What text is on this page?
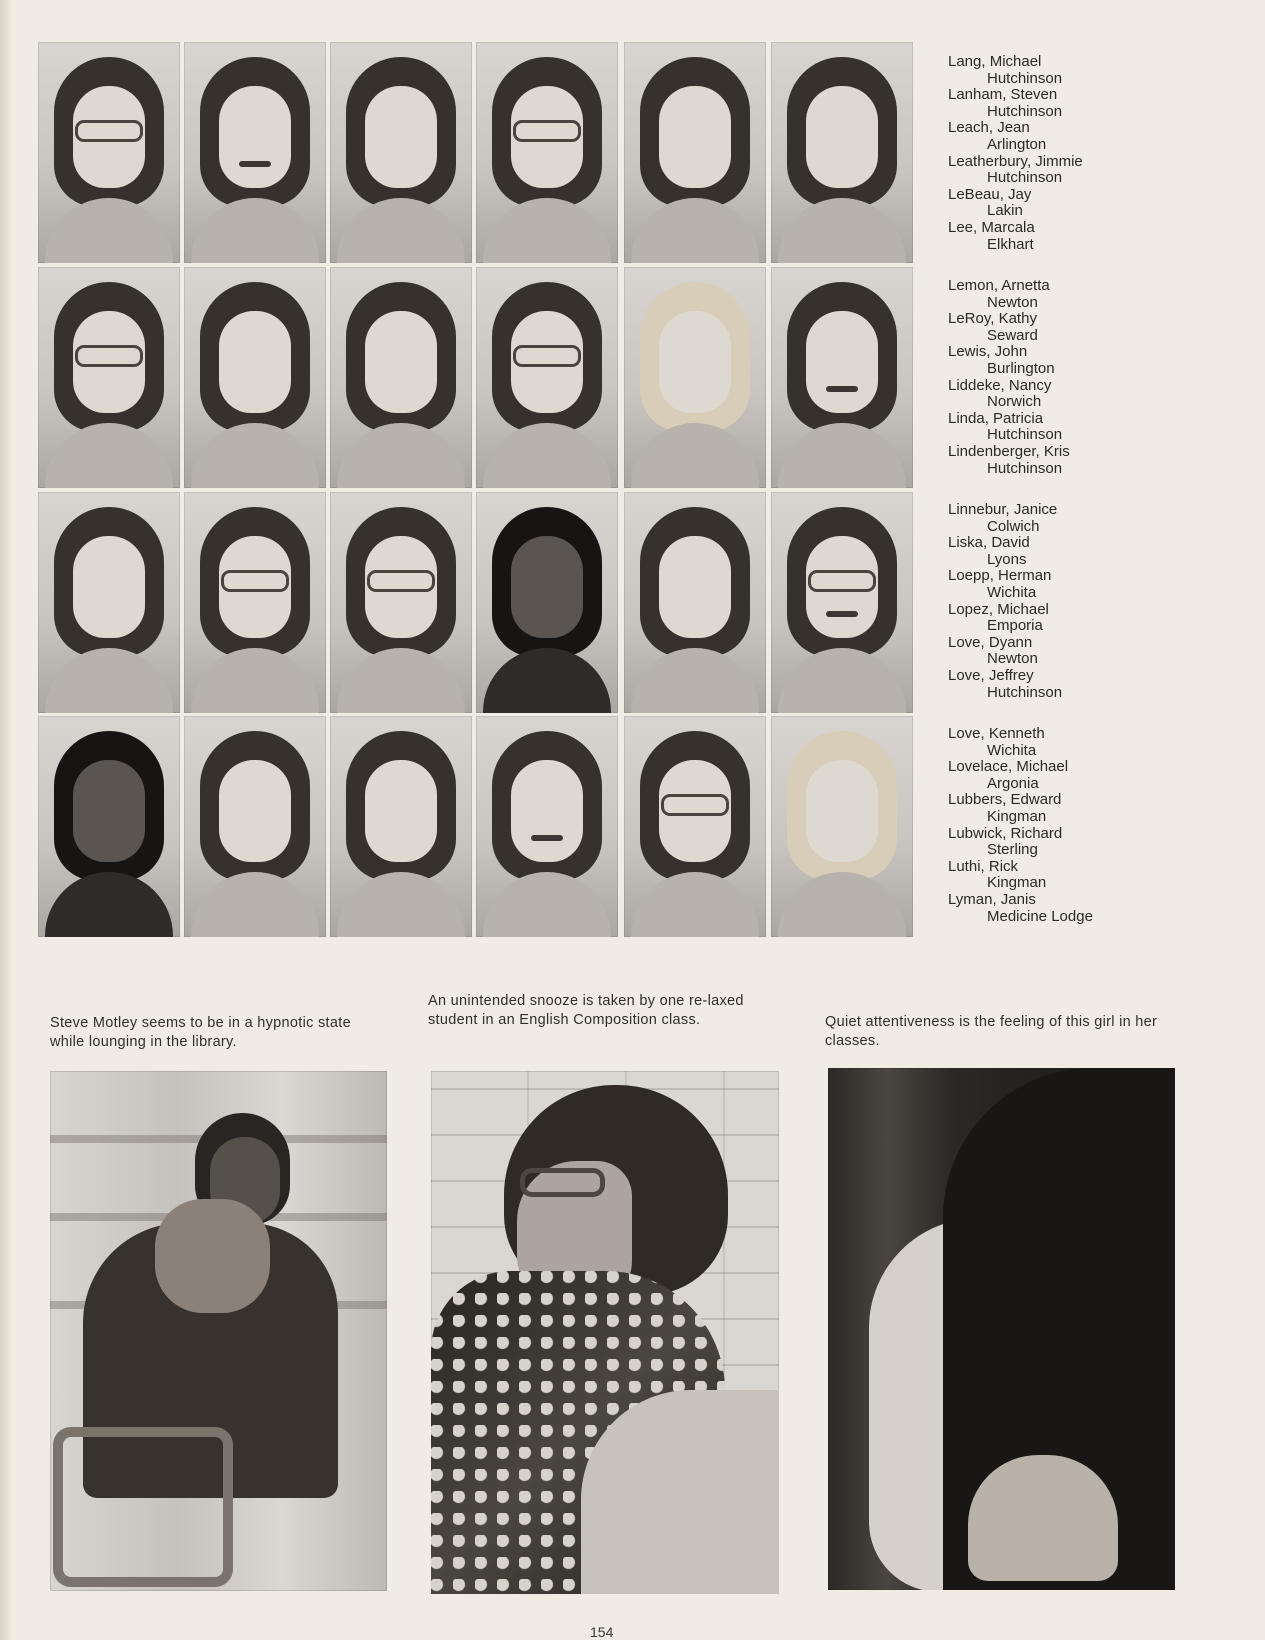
Lang, Michael
Hutchinson
Lanham, Steven
Hutchinson
Leach, Jean
Arlington
Leatherbury, Jimmie
Hutchinson
LeBeau, Jay
Lakin
Lee, Marcala
Elkhart
Lemon, Arnetta
Newton
LeRoy, Kathy
Seward
Lewis, John
Burlington
Liddeke, Nancy
Norwich
Linda, Patricia
Hutchinson
Lindenberger, Kris
Hutchinson
Linnebur, Janice
Colwich
Liska, David
Lyons
Loepp, Herman
Wichita
Lopez, Michael
Emporia
Love, Dyann
Newton
Love, Jeffrey
Hutchinson
Love, Kenneth
Wichita
Lovelace, Michael
Argonia
Lubbers, Edward
Kingman
Lubwick, Richard
Sterling
Luthi, Rick
Kingman
Lyman, Janis
Medicine Lodge
Steve Motley seems to be in a hypnotic state while lounging in the library.
An unintended snooze is taken by one re-laxed student in an English Composition class.	Quiet attentiveness is the feeling of this girl in her classes.
154
